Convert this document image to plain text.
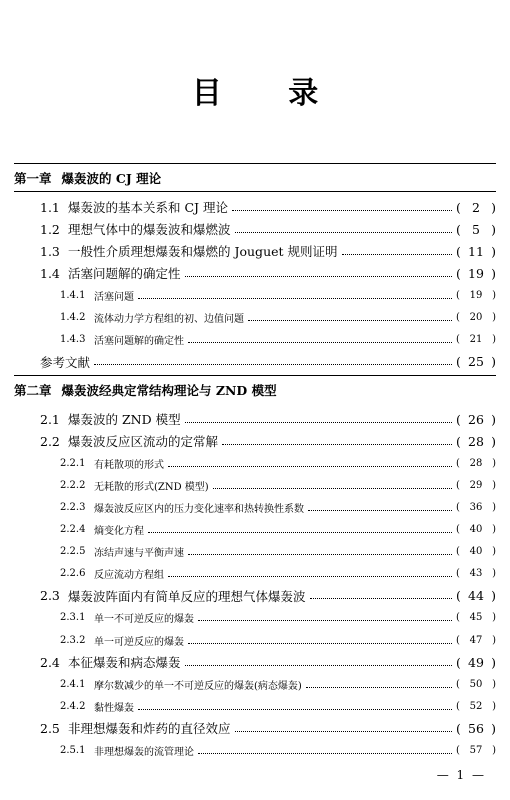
目 录
第一章 爆轰波的 CJ 理论
1.1 爆轰波的基本关系和 CJ 理论	( 2 )
1.2 理想气体中的爆轰波和爆燃波	( 5 )
1.3 一般性介质理想爆轰和爆燃的 Jouguet 规则证明	( 11 )
1.4 活塞问题解的确定性	( 19 )
1.4.1 活塞问题	( 19 )
1.4.2 流体动力学方程组的初、边值问题	( 20 )
1.4.3 活塞问题解的确定性	( 21 )
参考文献	( 25 )
第二章 爆轰波经典定常结构理论与 ZND 模型
2.1 爆轰波的 ZND 模型	( 26 )
2.2 爆轰波反应区流动的定常解	( 28 )
2.2.1 有耗散项的形式	( 28 )
2.2.2 无耗散的形式(ZND 模型)	( 29 )
2.2.3 爆轰波反应区内的压力变化速率和热转换性系数	( 36 )
2.2.4 熵变化方程	( 40 )
2.2.5 冻结声速与平衡声速	( 40 )
2.2.6 反应流动方程组	( 43 )
2.3 爆轰波阵面内有简单反应的理想气体爆轰波	( 44 )
2.3.1 单一不可逆反应的爆轰	( 45 )
2.3.2 单一可逆反应的爆轰	( 47 )
2.4 本征爆轰和病态爆轰	( 49 )
2.4.1 摩尔数减少的单一不可逆反应的爆轰(病态爆轰)	( 50 )
2.4.2 黏性爆轰	( 52 )
2.5 非理想爆轰和炸药的直径效应	( 56 )
2.5.1 非理想爆轰的流管理论	( 57 )
— 1 —
